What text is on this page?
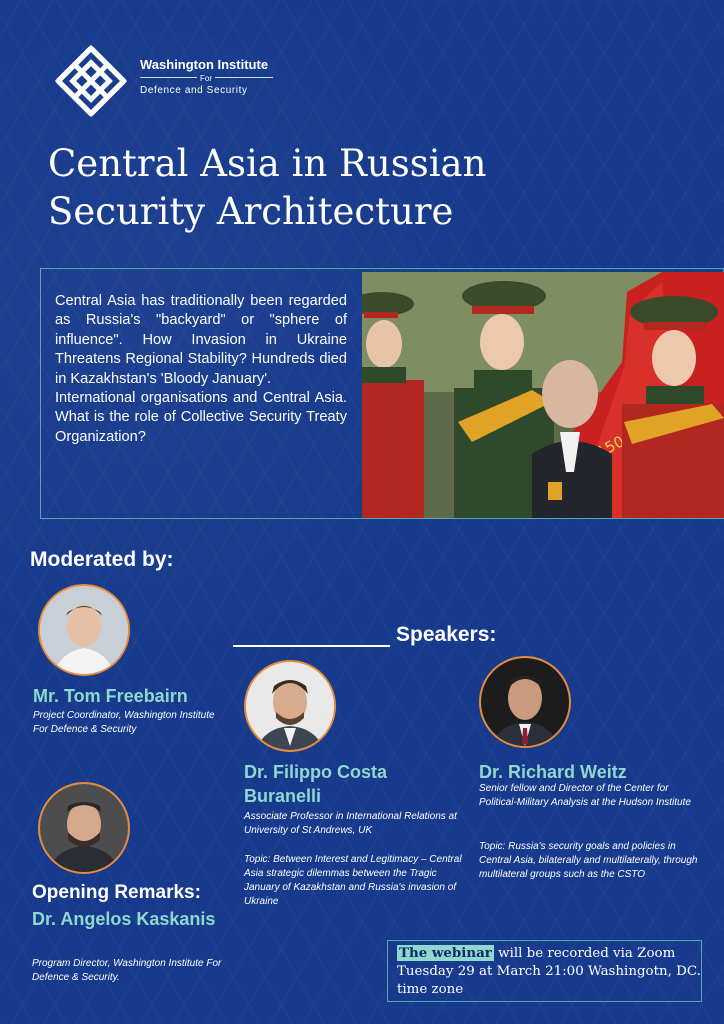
Washington Institute
For
Defence and Security
Central Asia in Russian
Security Architecture

Central Asia has traditionally been regarded as Russia's "backyard" or "sphere of influence". How Invasion in Ukraine Threatens Regional Stability? Hundreds died in Kazakhstan's 'Bloody January'.

International organisations and Central Asia. What is the role of Collective Security Treaty Organization?	150
Moderated by:
Mr. Tom Freebairn
Project Coordinator, Washington Institute For Defence & Security
Speakers:
Dr. Filippo Costa Buranelli
Associate Professor in International Relations at University of St Andrews, UK
Topic: Between Interest and Legitimacy – Central Asia strategic dilemmas between the Tragic January of Kazakhstan and Russia's invasion of Ukraine
Dr. Richard Weitz
Senior fellow and Director of the Center for Political-Military Analysis at the Hudson Institute
Topic: Russia's security goals and policies in Central Asia, bilaterally and multilaterally, through multilateral groups such as the CSTO
Opening Remarks:
Dr. Angelos Kaskanis
Program Director, Washington Institute For Defence & Security.
The webinar will be recorded via Zoom
Tuesday 29 at March 21:00 Washingotn, DC.
time zone
